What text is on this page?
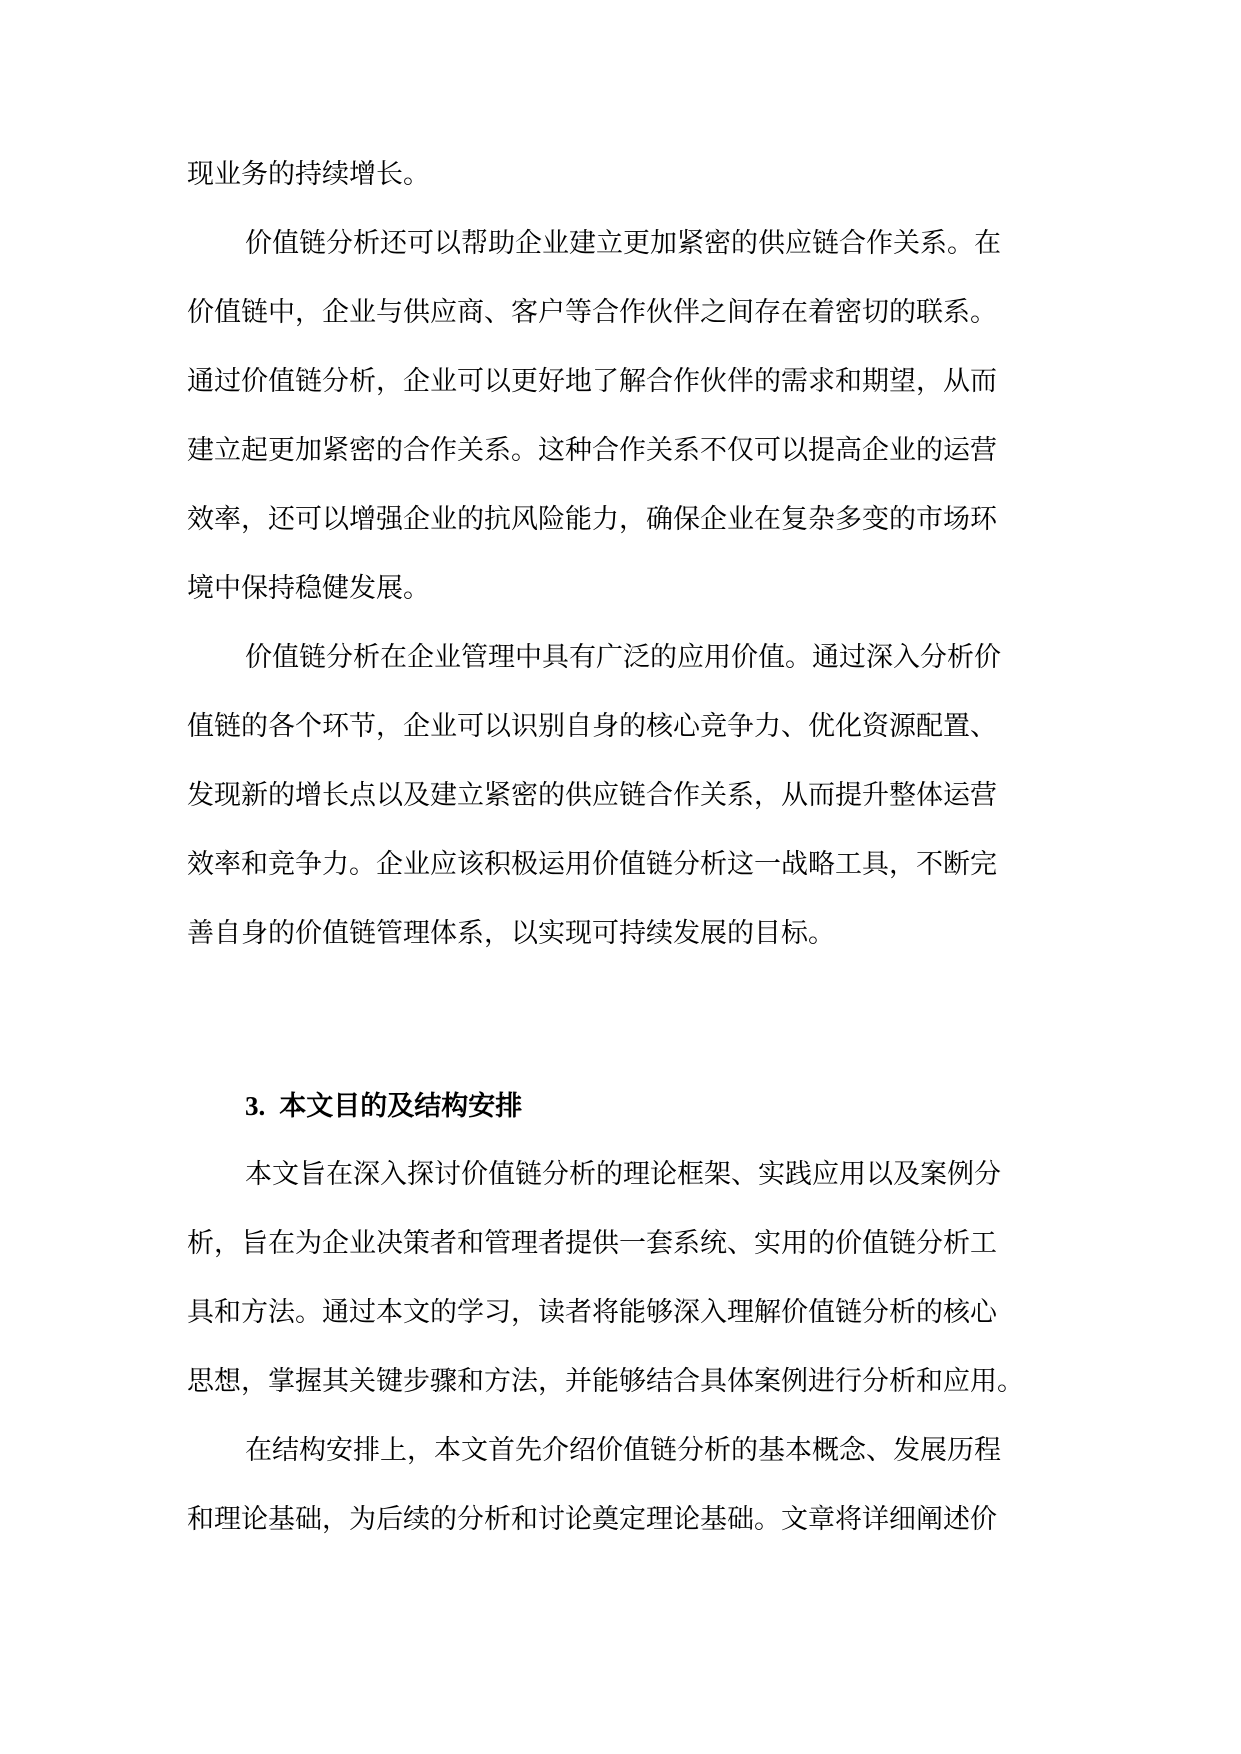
现业务的持续增长。
价值链分析还可以帮助企业建立更加紧密的供应链合作关系。在
价值链中，企业与供应商、客户等合作伙伴之间存在着密切的联系。
通过价值链分析，企业可以更好地了解合作伙伴的需求和期望，从而
建立起更加紧密的合作关系。这种合作关系不仅可以提高企业的运营
效率，还可以增强企业的抗风险能力，确保企业在复杂多变的市场环
境中保持稳健发展。
价值链分析在企业管理中具有广泛的应用价值。通过深入分析价
值链的各个环节，企业可以识别自身的核心竞争力、优化资源配置、
发现新的增长点以及建立紧密的供应链合作关系，从而提升整体运营
效率和竞争力。企业应该积极运用价值链分析这一战略工具，不断完
善自身的价值链管理体系，以实现可持续发展的目标。
3. 本文目的及结构安排
本文旨在深入探讨价值链分析的理论框架、实践应用以及案例分
析，旨在为企业决策者和管理者提供一套系统、实用的价值链分析工
具和方法。通过本文的学习，读者将能够深入理解价值链分析的核心
思想，掌握其关键步骤和方法，并能够结合具体案例进行分析和应用。
在结构安排上，本文首先介绍价值链分析的基本概念、发展历程
和理论基础，为后续的分析和讨论奠定理论基础。文章将详细阐述价
